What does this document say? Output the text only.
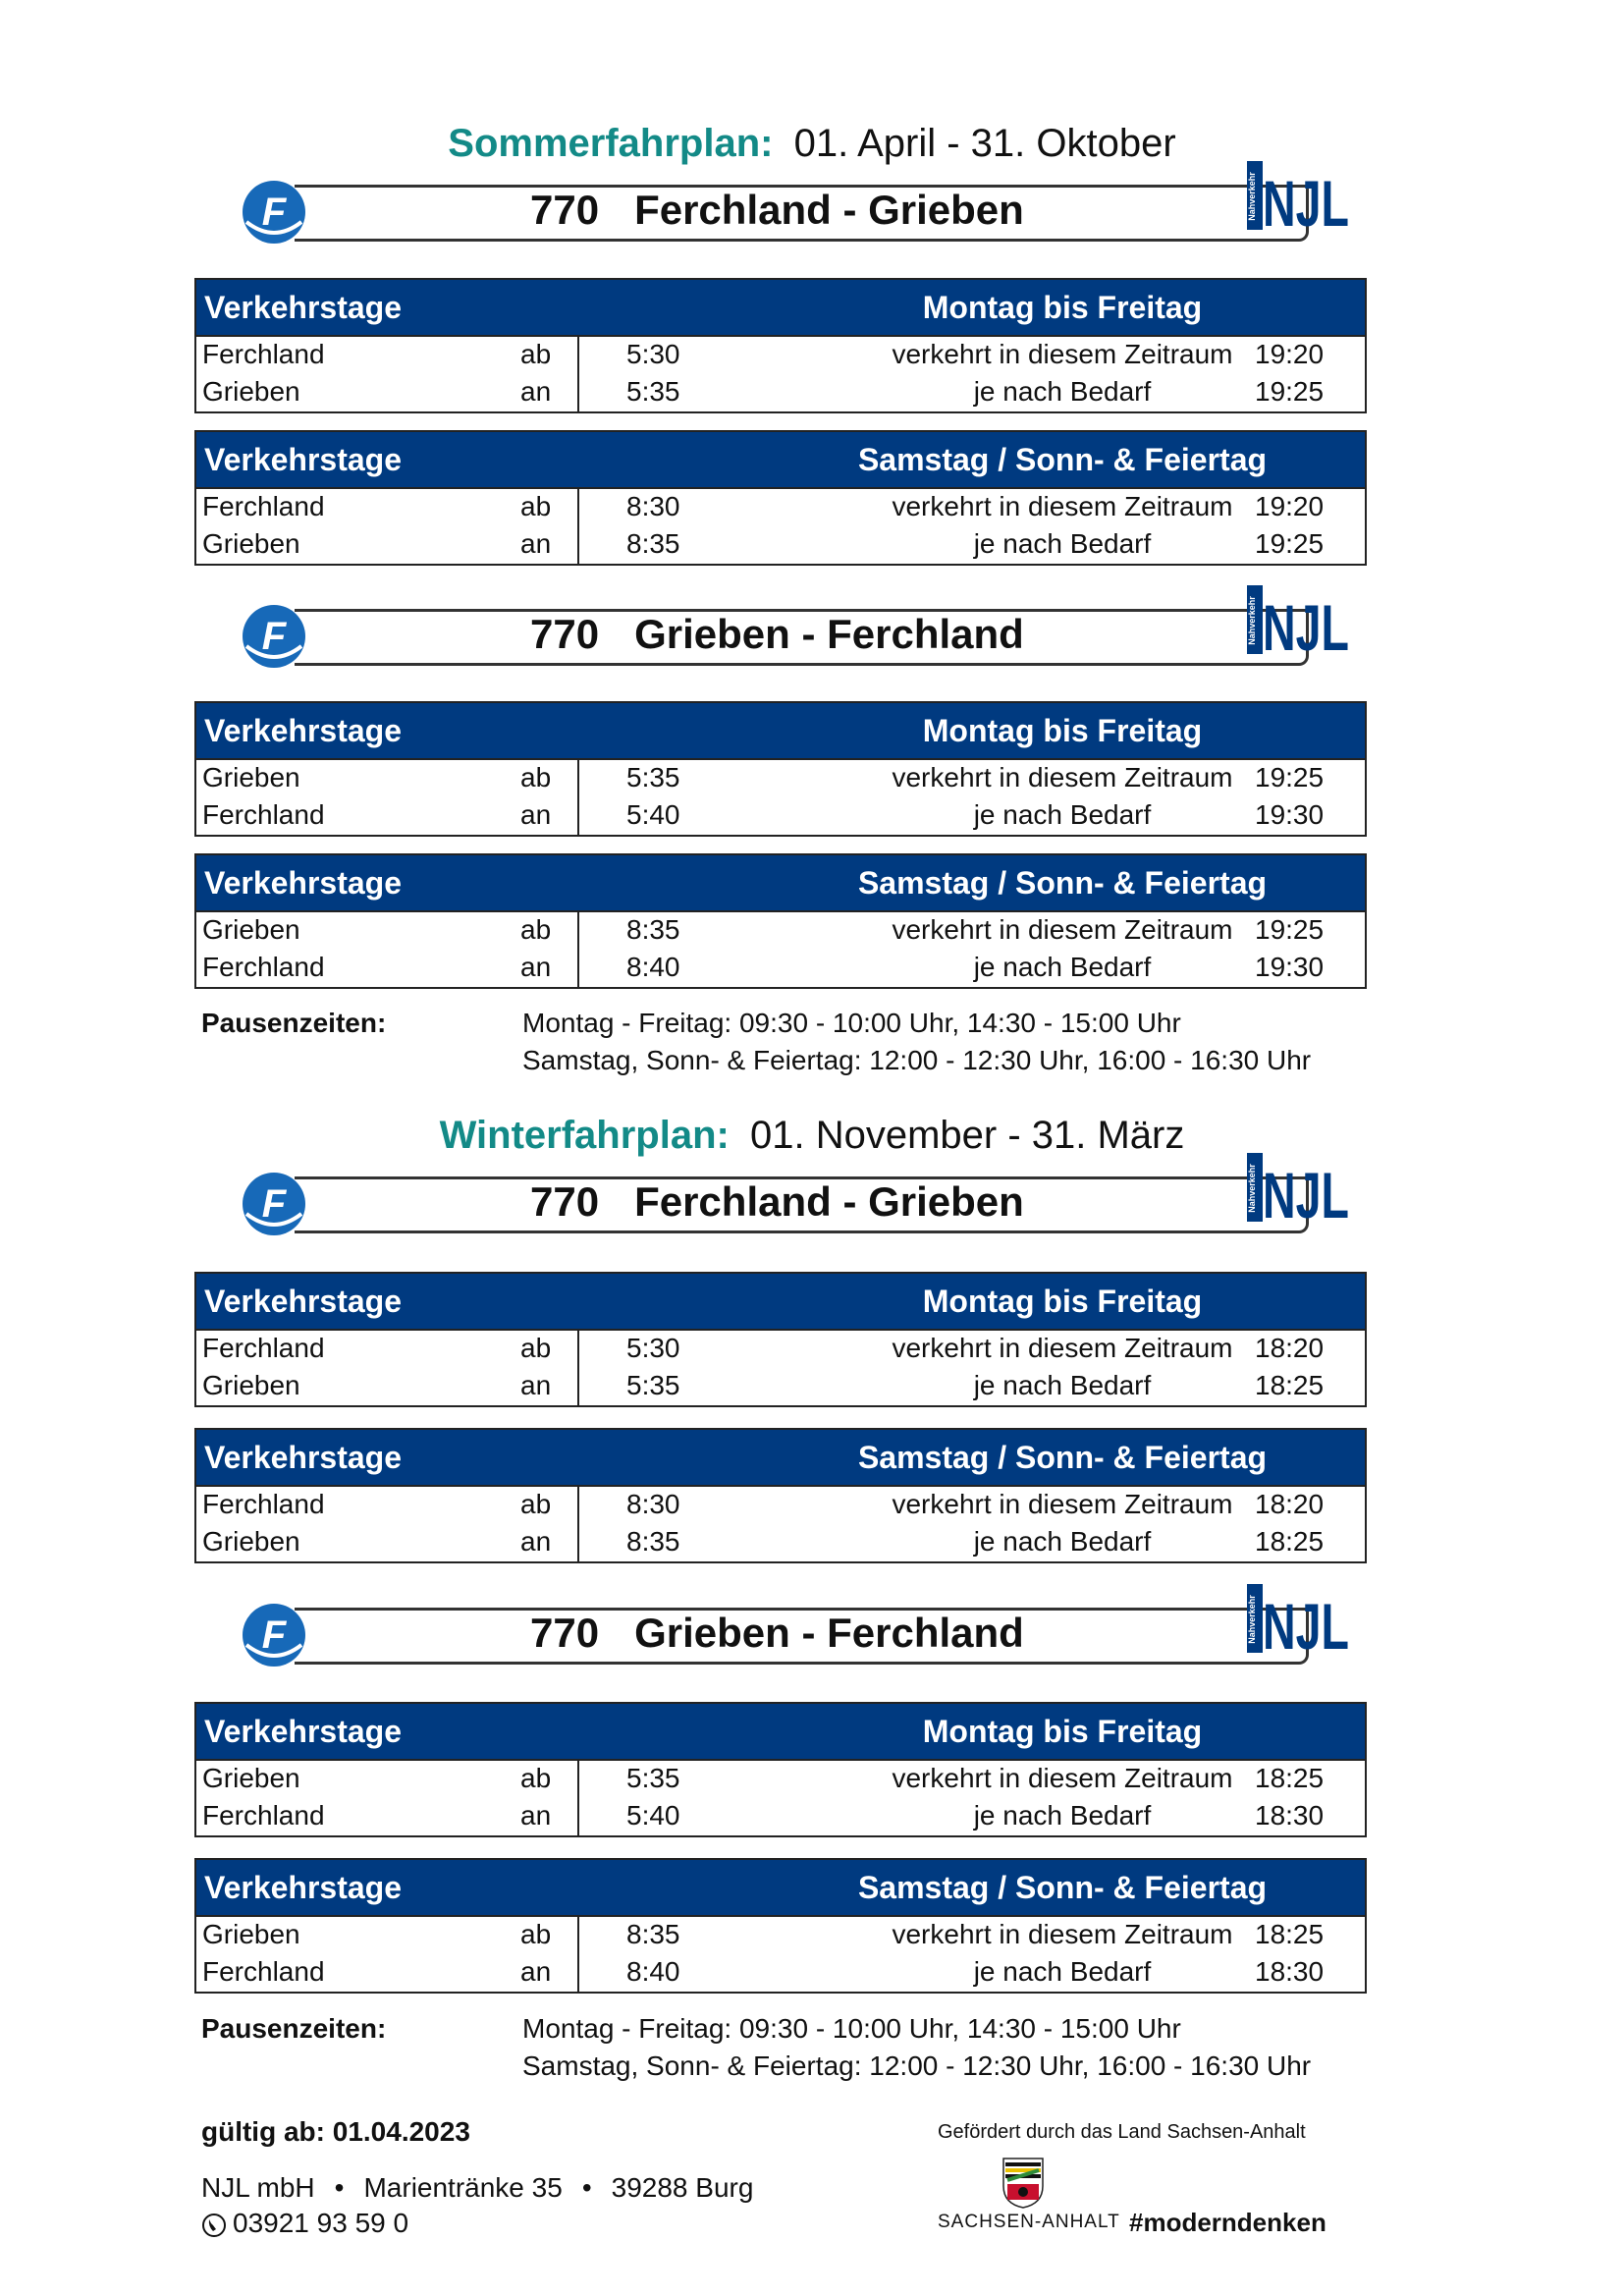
Sommerfahrplan: 01. April - 31. Oktober
F	770 Ferchland - Grieben	Nahverkehr NJL
Verkehrstage	Montag bis Freitag
Ferchland	ab	5:30	verkehrt in diesem Zeitraum 19:20
Grieben	an	5:35	je nach Bedarf	19:25
Verkehrstage	Samstag / Sonn- & Feiertag
Ferchland	ab	8:30	verkehrt in diesem Zeitraum 19:20
Grieben	an	8:35	je nach Bedarf	19:25
F	770 Grieben - Ferchland	Nahverkehr NJL
Verkehrstage	Montag bis Freitag
Grieben	ab	5:35	verkehrt in diesem Zeitraum 19:25
Ferchland	an	5:40	je nach Bedarf	19:30
Verkehrstage	Samstag / Sonn- & Feiertag
Grieben	ab	8:35	verkehrt in diesem Zeitraum 19:25
Ferchland	an	8:40	je nach Bedarf	19:30
Pausenzeiten:	Montag - Freitag: 09:30 - 10:00 Uhr, 14:30 - 15:00 Uhr
Samstag, Sonn- & Feiertag: 12:00 - 12:30 Uhr, 16:00 - 16:30 Uhr
Winterfahrplan: 01. November - 31. März
F	770 Ferchland - Grieben	Nahverkehr NJL
Verkehrstage	Montag bis Freitag
Ferchland	ab	5:30	verkehrt in diesem Zeitraum 18:20
Grieben	an	5:35	je nach Bedarf	18:25
Verkehrstage	Samstag / Sonn- & Feiertag
Ferchland	ab	8:30	verkehrt in diesem Zeitraum 18:20
Grieben	an	8:35	je nach Bedarf	18:25
F	770 Grieben - Ferchland	Nahverkehr NJL
Verkehrstage	Montag bis Freitag
Grieben	ab	5:35	verkehrt in diesem Zeitraum 18:25
Ferchland	an	5:40	je nach Bedarf	18:30
Verkehrstage	Samstag / Sonn- & Feiertag
Grieben	ab	8:35	verkehrt in diesem Zeitraum 18:25
Ferchland	an	8:40	je nach Bedarf	18:30
Pausenzeiten:	Montag - Freitag: 09:30 - 10:00 Uhr, 14:30 - 15:00 Uhr
Samstag, Sonn- & Feiertag: 12:00 - 12:30 Uhr, 16:00 - 16:30 Uhr
gültig ab: 01.04.2023
NJL mbH • Marientränke 35 • 39288 Burg
03921 93 59 0
Gefördert durch das Land Sachsen-Anhalt
SACHSEN-ANHALT #moderndenken
